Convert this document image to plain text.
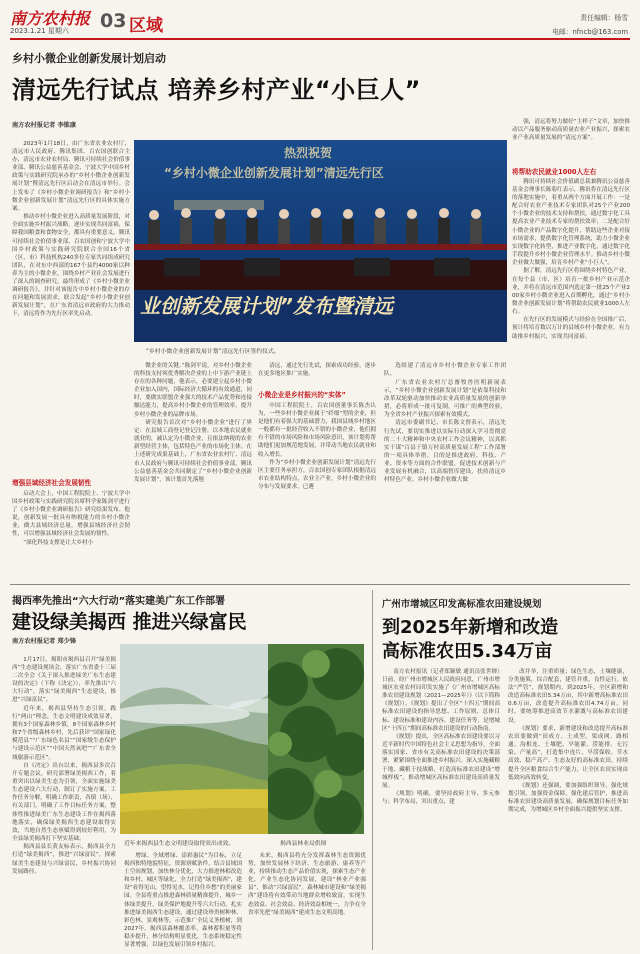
南方农村报
2023.1.21 星期六 03 区域	责任编辑：杨雪
电邮：nfncb@163.com
乡村小微企业创新发展计划启动
清远先行试点 培养乡村产业“小巨人”
南方农村报记者 李锥康

2023年1月18日，由广东省农业农村厅、清远市人民政府、腾讯集团、百农国创联合主办，清远市农业农村局、腾讯可持续社会价值事业部、腾讯公益慈善基金会、宁波大学中国乡村政策与实践研究院承办的“乡村小微企业创新发展计划”暨清远先行区启动会在清远市举行。会上发布了《乡村小微企业调研报告》和“乡村小微企业创新发展计划”清远先行区的具体实施方案。

推动乡村小微企业进入高质量发展阶段，对全面实施乡村振兴战略，逐步实现共同富裕，保障我国粮食和食物安全，都具有重要意义。腾讯可持续社会价值事业部、百农国创和宁波大学中国乡村政策与实践研究院联合全国16个省（区、市）科技机构240多位专家共同组成研究团队，在对东中西部的167个县约4000家以种养为主的小微企业，围绕乡村产业社会发展进行了深入的调查研究，最终形成了《乡村小微企业调研报告》，并针对该报告中乡村小微企业的存在问题和发展需求，联合发起“乡村小微企业创新发展计划”，在广东省清远市政府的大力推动下，清远将作为先行区率先启动。

热烈祝贺
“乡村小微企业创新发展计划”清远先行区
业创新发展计划”发布暨清远
“乡村小微企业创新发展计划”清远先行区签约仪式。

强，清远将努力做好“主样子”文章，加快推动以产品服务驱动高质量农业产业振兴，探索农业产业高质量发展的“清远方案”。

将帮助农民就业1000人左右

腾讯可持续社会价值副总裁兼腾讯公益慈善基金会理事长陈菊红表示，腾讯将在清远先行区的落地实施中，着重从两个方面开展工作：一是配合好农业产业技术专家团队对25个产业200个小微企业的技术支持和帮扶，通过数字化工具提高农业产业技术专家的帮扶效率；二是配合好小微企业的产品数字化提升，帮助这些企业对接市场需求，提供数字化管理系统，助力小微企业实现数字化转型，推进产业数字化，通过数字化手段提升乡村小微企业管理水平。推动乡村小微企业做大做强，培育乡村产业“小巨人”。

据了解，清远先行区将围绕乡村特色产业，在每个县（市、区）培育一批乡村产业示范企业，并将在清远市范围内选定第一批25个产业200家乡村小微企业进入首期孵化，通过“乡村小微企业创新发展计划”将帮助农民就业1000人左右。

在先行区的发展模式与经验在全国推广后，预计将培育数以万计的县域乡村小微企业，有力助推乡村振兴，实现共同富裕。

增强县域经济社会发展韧性

启动大会上，中国工程院院士、宁波大学中国乡村政策与实践研究院首席科学家陈剑平进行了《乡村小微企业调研报告》研究结果发布。他说，创新发展一批具有纳税能力的乡村小微企业，做大县域经济总量，增强县域经济社会韧性，可以增强县域经济社会发展的韧性。

“深化科技支撑是让大乡村小

微企业的关键。”陈剑平说，对乡村小微企业的科技支持须优秀解决企业的上中下游产业链上存在的各种问题，他表示，必要建立起乡村小微企业加入国内，国际经济大循环的有效通道，同时，要做实联盟企业强大的技术产品优势和连接触达能力，提高乡村小微企业的管理效率，提升乡村小微企业的品牌市场。

研究报告首次对“乡村小微企业”进行了界定：在县域工商登记登记注册，以本地农民就业就业的，减认定为小微企业，且依法纳税的农业新型经营主体，包括特色产业的市场化主体。在上述研究成果基础上，广东省农业农村厅、清远市人民政府与腾讯可持续社会价值事业部，腾讯公益慈善基金会共同制定了“乡村小微企业创新发展计划”，该计划首先落地

清远，通过先行先试，探索成功经验，逐步在更多地区推广实施。

小微企业是乡村振兴的“实体”

中国工程院院士，百农国创董事长陈杰认为，一些乡村小微企业属于“纤细”型的企业，但是他们有着强大的基础潜力，我国县域乡村地区一般都有一批经营收入不错的小微企业，他们拥有不错的市场风险和市场风险意识，该计划将帮助他们更加规范地发展，并带动当地农民就业和收入增长。

作为“乡村小微企业创新发展计划”清远先行区主要任务承担方，百农国创专家团队根据清远市农业结构特点，农业主产业，乡村小微企业的分布与发展要求，已遴

选组建了清远市乡村小微企业专家工作团队。

广东省农业农村厅总畜牧兽医明新展表示，“乡村小微企业创新发展计划”是依靠科技和改革双轮驱动加快推动农业高质量发展的创新举措，必将形成一批可复制，可推广的典型经验，为全省乡村产业振兴探索有效模式。

清远市委副书记、市长陈文督表示，清远先行先试，要切实推进以实际行动深入学习贯彻党的二十大精神和中央农村工作会议精神，以真抓实干谋“百县千镇万村高质量发展工程”工作部署的一项具体举措。目的是推进政府、科技、产业、资本等方面的合作联盟，促进技术创新与产业发展有机融合，以高端智库建设，扶持清远乡村特色产业，乡村小微企业做大做

揭西率先推出“六大行动”落实建美广东工作部署
建设绿美揭西 推进兴绿富民
南方农村报记者 郑少锋

1月17日，揭阳市揭西县召开“绿美揭西”生态建设现场会，落实广东省委十三届二次全会《关于深入推进绿美广东生态建设的决定》（下称《决定》），率先推出“六大行动”，落实“绿美揭西”生态建设，推进“兴绿富民”。

近年来，揭西县坚持生态引领，践行“两山”理念，生态文明建设成效显著，拥有3个国家森林乡镇，8个国家森林乡村和7个省级森林乡村，先后获评“国家绿化模范县”“广东绿色名县”“国家级生态保护与建设示范区”“中国天然氧吧”“广东省全域旅游示范区”。

自《决定》出台以来，揭西县多次召开专题会议，研究部署绿美揭西工作，着重突出以绿美生态为引领，全面实施绿美生态建设六大行动，制订了实施方案，工作任务分解，明确工作职责，各镇（场）、有关部门，明确了工作目标任务方案，整体性推进绿美广东生态建设工作在揭西落地落实，确保绿美揭西生态建设取得实效，当地自然生态禀赋得到较好利用，为全县绿美揭西打下坚实基础。

揭西县县长黄友标表示，揭西县全力打造“绿美揭西”，推进“兴绿富民”，探索绿美生态建设与兴绿富民、乡村振兴协同发展路径。

近年来揭西县生态文明建设取得突出成效。	揭西县林业局供图

增绿、全域增绿、添彩惠民”为目标，立足揭西独特地貌特征，资源禀赋条件，结合县域国土空间规划，加快林分优化，大力推进林相改造和乡村、城区等绿化，全力打造“绿美揭西”，建设“看得见山，望得见水，记得住乡愁”的美丽家园。全县将重点推进森林质量精准提升，城乡一体绿美提升，绿美保护地提升等六大行动，扎实推进绿美揭西生态建设。通过建设珍贵树种林、彩色林、景观林等，示范推广全民义务植树，到2027年，揭西县森林覆盖率、森林蓄积量等将稳步提升，林分结构明显优化，生态系统稳定性显著增强，以绿色发展引领乡村振兴。

未来，揭西县将充分发挥森林生态资源优势，加快发展林下经济、生态旅游、康养等产业，持续推动生态产品价值实现，探索生态产业化，产业生态化协同发展，建设“林业产业强县”，推动“兴绿富民”。森林城市建设和“绿美揭西”建设将有效带动当地群众增收致富，实现生态效益、社会效益、经济效益相统一，力争在全省率先把“绿美揭西”建成生态文明高地。

广州市增城区印发高标准农田建设规划
到2025年新增和改造
高标准农田5.34万亩

南方农村报讯（记者郑颖敏 通讯员张世婵）日前，经广州市增城区人民政府同意，广州市增城区农业农村局印发实施了《广州市增城区高标准农田建设规划（2021—2025年）》（以下简称《规划》）。《规划》提出了全区“十四五”期间高标准农田建设的指导思想、工作原则、总体目标、建设标准和建设内容、建设任务等，是增城区“十四五”期间高标准农田建设的行动指南。

《规划》提出，全区高标准农田建设要以习近平新时代中国特色社会主义思想为指导，全面落实国家、省市有关高标准农田建设的决策部署，紧紧围绕全面推进乡村振兴、深入实施藏粮于地、藏粮于技战略，打造高标准农田建设“增城样板”，推动增城区高标准农田建设高质量发展。

《规划》明确，要坚持政府主导，多元参与；科学布局，突出重点，建

改并举，注重质量；绿色生态，土壤健康，分类施策，综合配套，建管并重，良性运行。依法“严管”，规划期内，到2025年，全区新增和改造高标准农田5.34万亩，其中新增高标准农田0.6万亩，改造提升高标准农田4.74万亩。同时，要统筹推进高效节水灌溉与高标准农田建设。

《规划》要求，新增建设和改造提升高标准农田要做到“田成方、土成型、渠成网、路相通、沟相连、土壤肥、旱能灌、涝能排、无污染、产量高”，打造集中连片、旱涝保收、节水高效、稳产高产、生态友好的高标准农田，持续提升全区粮食综合生产能力，让全区农田实现由低效向高效转变。

《规划》还强调，要加强组织领导，强化规划引领，加强资金保障，强化建后管护，推进高标准农田建设高质量发展，确保规划目标任务如期完成，为增城区乡村全面振兴提供坚实支撑。
